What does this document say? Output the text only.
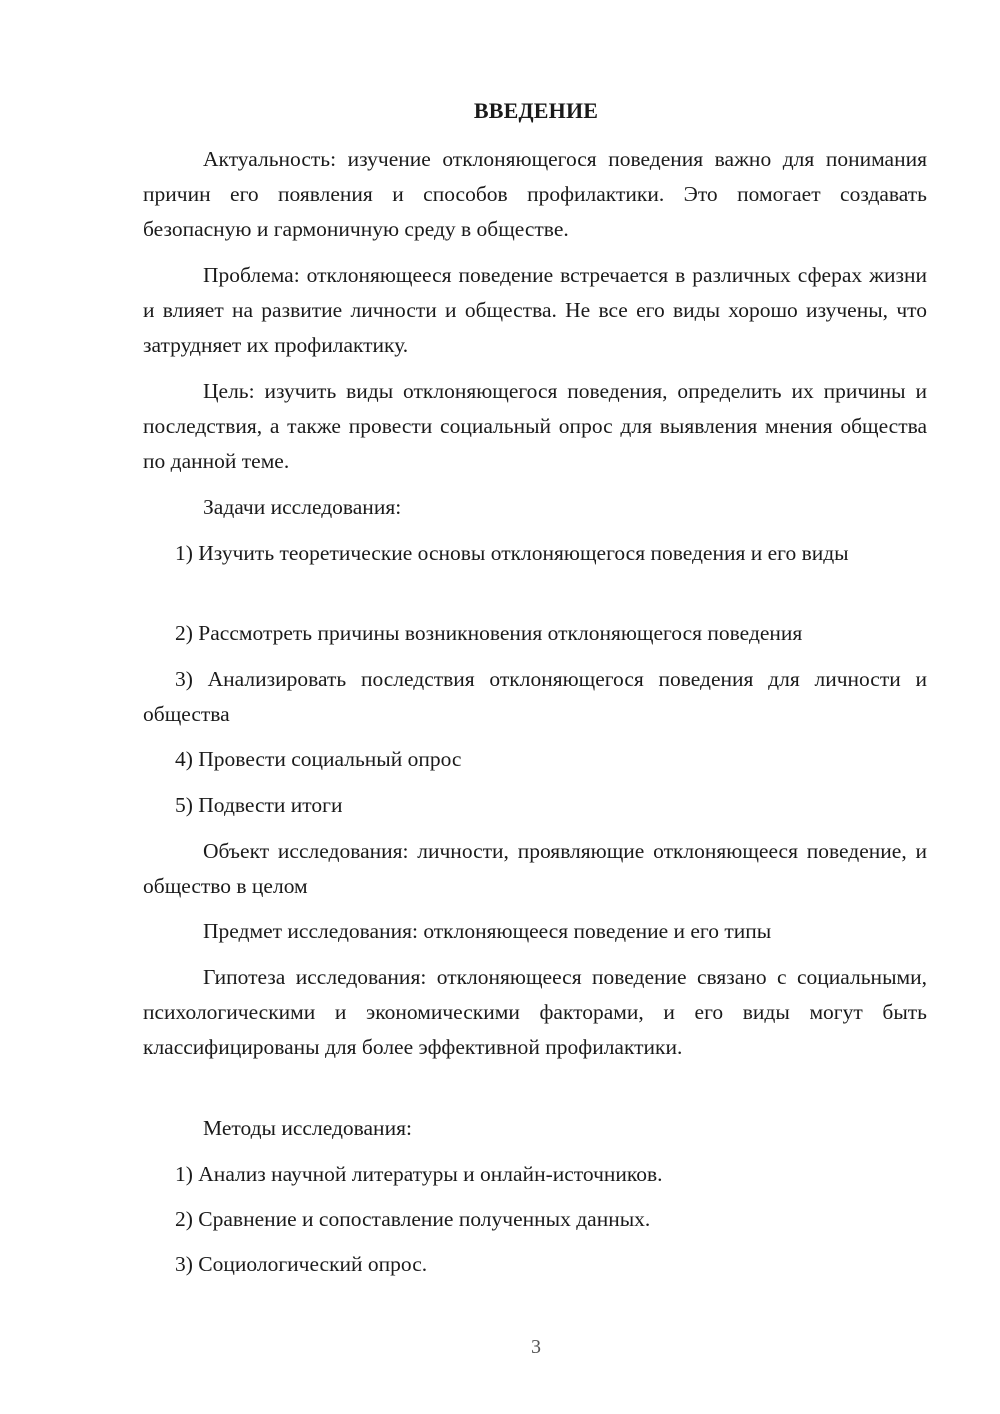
ВВЕДЕНИЕ
Актуальность: изучение отклоняющегося поведения важно для понимания причин его появления и способов профилактики. Это помогает создавать безопасную и гармоничную среду в обществе.
Проблема: отклоняющееся поведение встречается в различных сферах жизни и влияет на развитие личности и общества. Не все его виды хорошо изучены, что затрудняет их профилактику.
Цель: изучить виды отклоняющегося поведения, определить их причины и последствия, а также провести социальный опрос для выявления мнения общества по данной теме.
Задачи исследования:
1) Изучить теоретические основы отклоняющегося поведения и его виды
2) Рассмотреть причины возникновения отклоняющегося поведения
3) Анализировать последствия отклоняющегося поведения для личности и общества
4) Провести социальный опрос
5) Подвести итоги
Объект исследования: личности, проявляющие отклоняющееся поведение, и общество в целом
Предмет исследования: отклоняющееся поведение и его типы
Гипотеза исследования: отклоняющееся поведение связано с социальными, психологическими и экономическими факторами, и его виды могут быть классифицированы для более эффективной профилактики.
Методы исследования:
1) Анализ научной литературы и онлайн-источников.
2) Сравнение и сопоставление полученных данных.
3) Социологический опрос.
3
